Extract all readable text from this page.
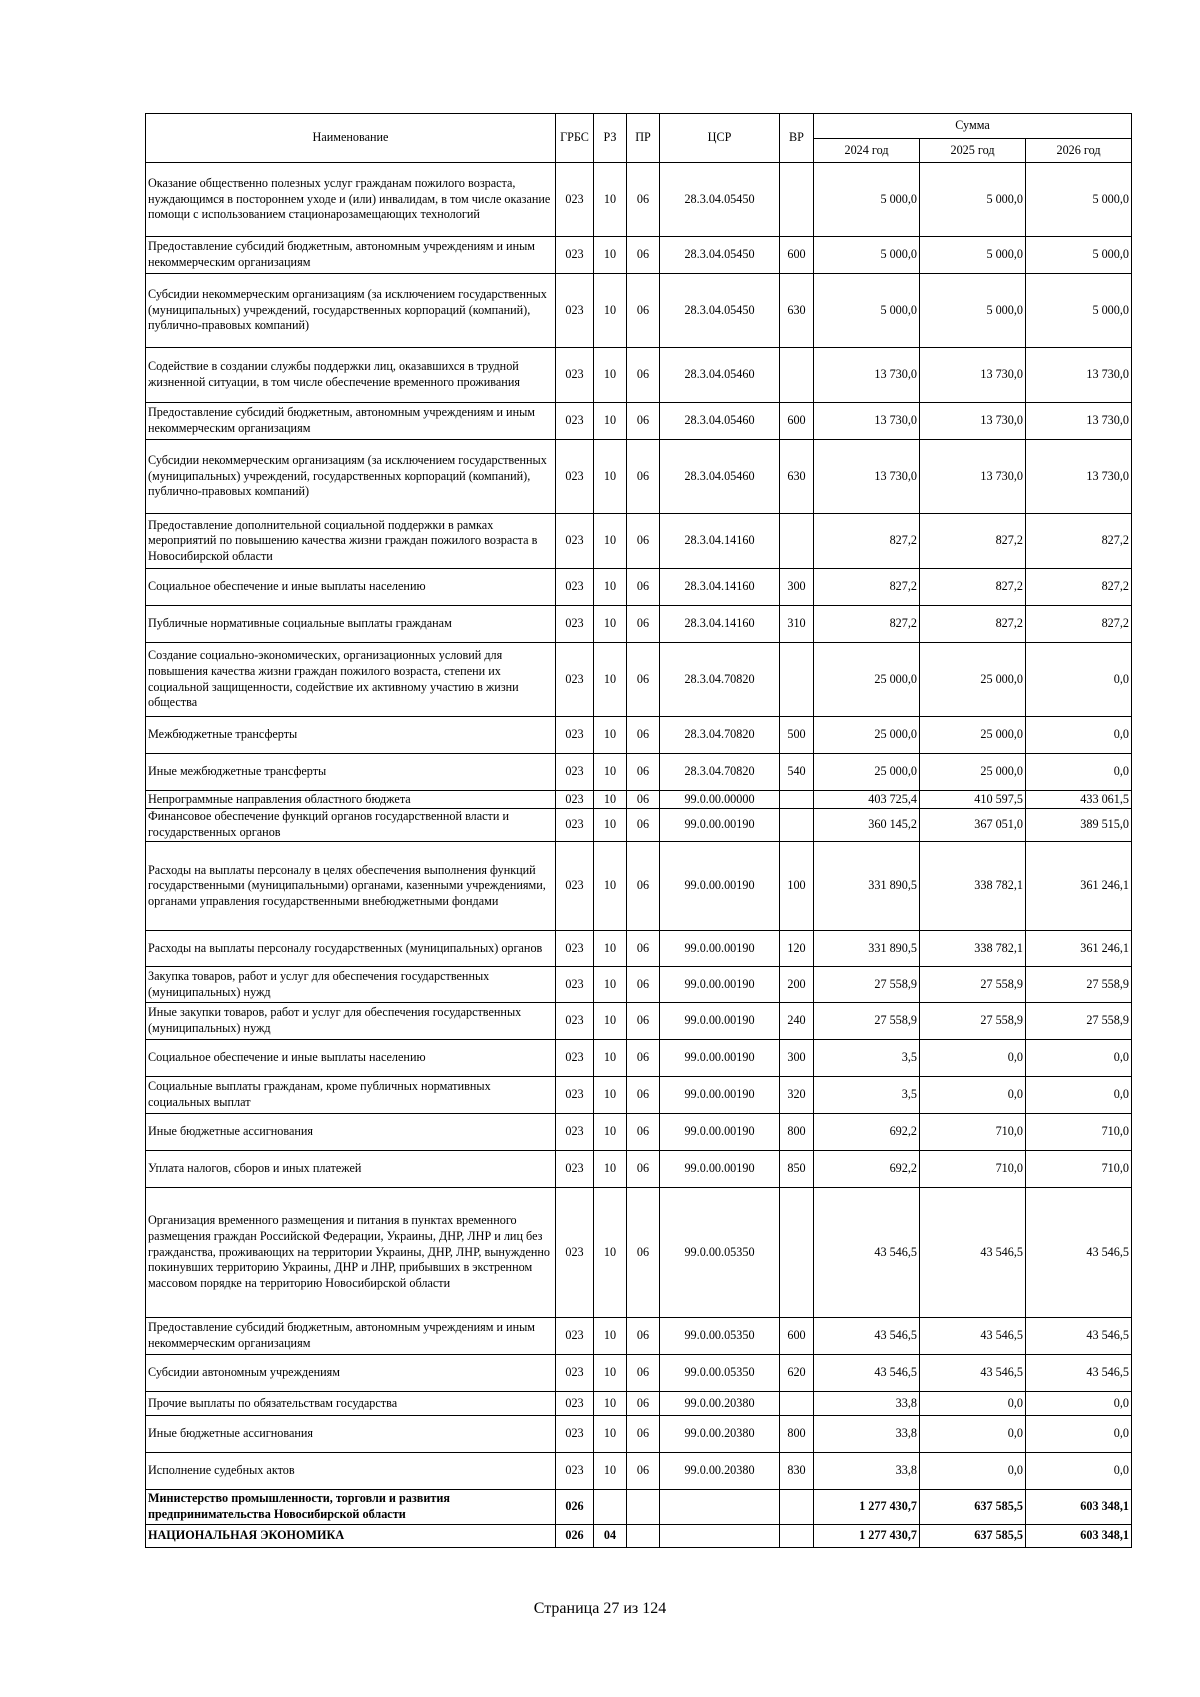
Наименование	ГРБС	РЗ	ПР	ЦСР	ВР	Сумма		
						2024 год	2025 год	2026 год
Оказание общественно полезных услуг гражданам пожилого возраста, нуждающимся в постороннем уходе и (или) инвалидам, в том числе оказание помощи с использованием стационарозамещающих технологий	023	10	06	28.3.04.05450		5 000,0	5 000,0	5 000,0
Предоставление субсидий бюджетным, автономным учреждениям и иным некоммерческим организациям	023	10	06	28.3.04.05450	600	5 000,0	5 000,0	5 000,0
Субсидии некоммерческим организациям (за исключением государственных (муниципальных) учреждений, государственных корпораций (компаний), публично-правовых компаний)	023	10	06	28.3.04.05450	630	5 000,0	5 000,0	5 000,0
Содействие в создании службы поддержки лиц, оказавшихся в трудной жизненной ситуации, в том числе обеспечение временного проживания	023	10	06	28.3.04.05460		13 730,0	13 730,0	13 730,0
Предоставление субсидий бюджетным, автономным учреждениям и иным некоммерческим организациям	023	10	06	28.3.04.05460	600	13 730,0	13 730,0	13 730,0
Субсидии некоммерческим организациям (за исключением государственных (муниципальных) учреждений, государственных корпораций (компаний), публично-правовых компаний)	023	10	06	28.3.04.05460	630	13 730,0	13 730,0	13 730,0
Предоставление дополнительной социальной поддержки в рамках мероприятий по повышению качества жизни граждан пожилого возраста в Новосибирской области	023	10	06	28.3.04.14160		827,2	827,2	827,2
Социальное обеспечение и иные выплаты населению	023	10	06	28.3.04.14160	300	827,2	827,2	827,2
Публичные нормативные социальные выплаты гражданам	023	10	06	28.3.04.14160	310	827,2	827,2	827,2
Создание социально-экономических, организационных условий для повышения качества жизни граждан пожилого возраста, степени их социальной защищенности, содействие их активному участию в жизни общества	023	10	06	28.3.04.70820		25 000,0	25 000,0	0,0
Межбюджетные трансферты	023	10	06	28.3.04.70820	500	25 000,0	25 000,0	0,0
Иные межбюджетные трансферты	023	10	06	28.3.04.70820	540	25 000,0	25 000,0	0,0
Непрограммные направления областного бюджета	023	10	06	99.0.00.00000		403 725,4	410 597,5	433 061,5
Финансовое обеспечение функций органов государственной власти и государственных органов	023	10	06	99.0.00.00190		360 145,2	367 051,0	389 515,0
Расходы на выплаты персоналу в целях обеспечения выполнения функций государственными (муниципальными) органами, казенными учреждениями, органами управления государственными внебюджетными фондами	023	10	06	99.0.00.00190	100	331 890,5	338 782,1	361 246,1
Расходы на выплаты персоналу государственных (муниципальных) органов	023	10	06	99.0.00.00190	120	331 890,5	338 782,1	361 246,1
Закупка товаров, работ и услуг для обеспечения государственных (муниципальных) нужд	023	10	06	99.0.00.00190	200	27 558,9	27 558,9	27 558,9
Иные закупки товаров, работ и услуг для обеспечения государственных (муниципальных) нужд	023	10	06	99.0.00.00190	240	27 558,9	27 558,9	27 558,9
Социальное обеспечение и иные выплаты населению	023	10	06	99.0.00.00190	300	3,5	0,0	0,0
Социальные выплаты гражданам, кроме публичных нормативных социальных выплат	023	10	06	99.0.00.00190	320	3,5	0,0	0,0
Иные бюджетные ассигнования	023	10	06	99.0.00.00190	800	692,2	710,0	710,0
Уплата налогов, сборов и иных платежей	023	10	06	99.0.00.00190	850	692,2	710,0	710,0
Организация временного размещения и питания в пунктах временного размещения граждан Российской Федерации, Украины, ДНР, ЛНР и лиц без гражданства, проживающих на территории Украины, ДНР, ЛНР, вынужденно покинувших территорию Украины, ДНР и ЛНР, прибывших в экстренном массовом порядке на территорию Новосибирской области	023	10	06	99.0.00.05350		43 546,5	43 546,5	43 546,5
Предоставление субсидий бюджетным, автономным учреждениям и иным некоммерческим организациям	023	10	06	99.0.00.05350	600	43 546,5	43 546,5	43 546,5
Субсидии автономным учреждениям	023	10	06	99.0.00.05350	620	43 546,5	43 546,5	43 546,5
Прочие выплаты по обязательствам государства	023	10	06	99.0.00.20380		33,8	0,0	0,0
Иные бюджетные ассигнования	023	10	06	99.0.00.20380	800	33,8	0,0	0,0
Исполнение судебных актов	023	10	06	99.0.00.20380	830	33,8	0,0	0,0
Министерство промышленности, торговли и развития предпринимательства Новосибирской области	026					1 277 430,7	637 585,5	603 348,1
НАЦИОНАЛЬНАЯ ЭКОНОМИКА	026	04				1 277 430,7	637 585,5	603 348,1
Страница 27 из 124
